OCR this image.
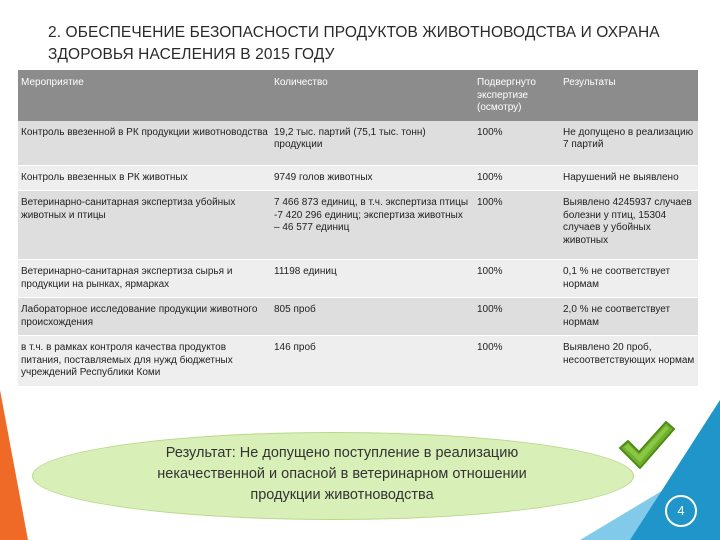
2. ОБЕСПЕЧЕНИЕ БЕЗОПАСНОСТИ ПРОДУКТОВ ЖИВОТНОВОДСТВА И ОХРАНА
ЗДОРОВЬЯ НАСЕЛЕНИЯ В 2015 ГОДУ
Мероприятие	Количество	Подвергнуто экспертизе (осмотру)	Результаты
Контроль ввезенной в РК продукции животноводства	19,2 тыс. партий (75,1 тыс. тонн) продукции	100%	Не допущено в реализацию 7 партий
Контроль ввезенных в РК животных	9749 голов животных	100%	Нарушений не выявлено
Ветеринарно-санитарная экспертиза убойных животных и птицы	7 466 873 единиц, в т.ч. экспертиза птицы -7 420 296 единиц; экспертиза животных – 46 577 единиц	100%	Выявлено 4245937 случаев болезни у птиц, 15304 случаев у убойных животных
Ветеринарно-санитарная экспертиза сырья и продукции на рынках, ярмарках	11198 единиц	100%	0,1 % не соответствует нормам
Лабораторное исследование продукции животного происхождения	805 проб	100%	2,0 % не соответствует нормам
в т.ч. в рамках контроля качества продуктов питания, поставляемых для нужд бюджетных учреждений Республики Коми	146 проб	100%	Выявлено 20 проб, несоответствующих нормам
Результат: Не допущено поступление в реализацию некачественной и опасной в ветеринарном отношении продукции животноводства
4
